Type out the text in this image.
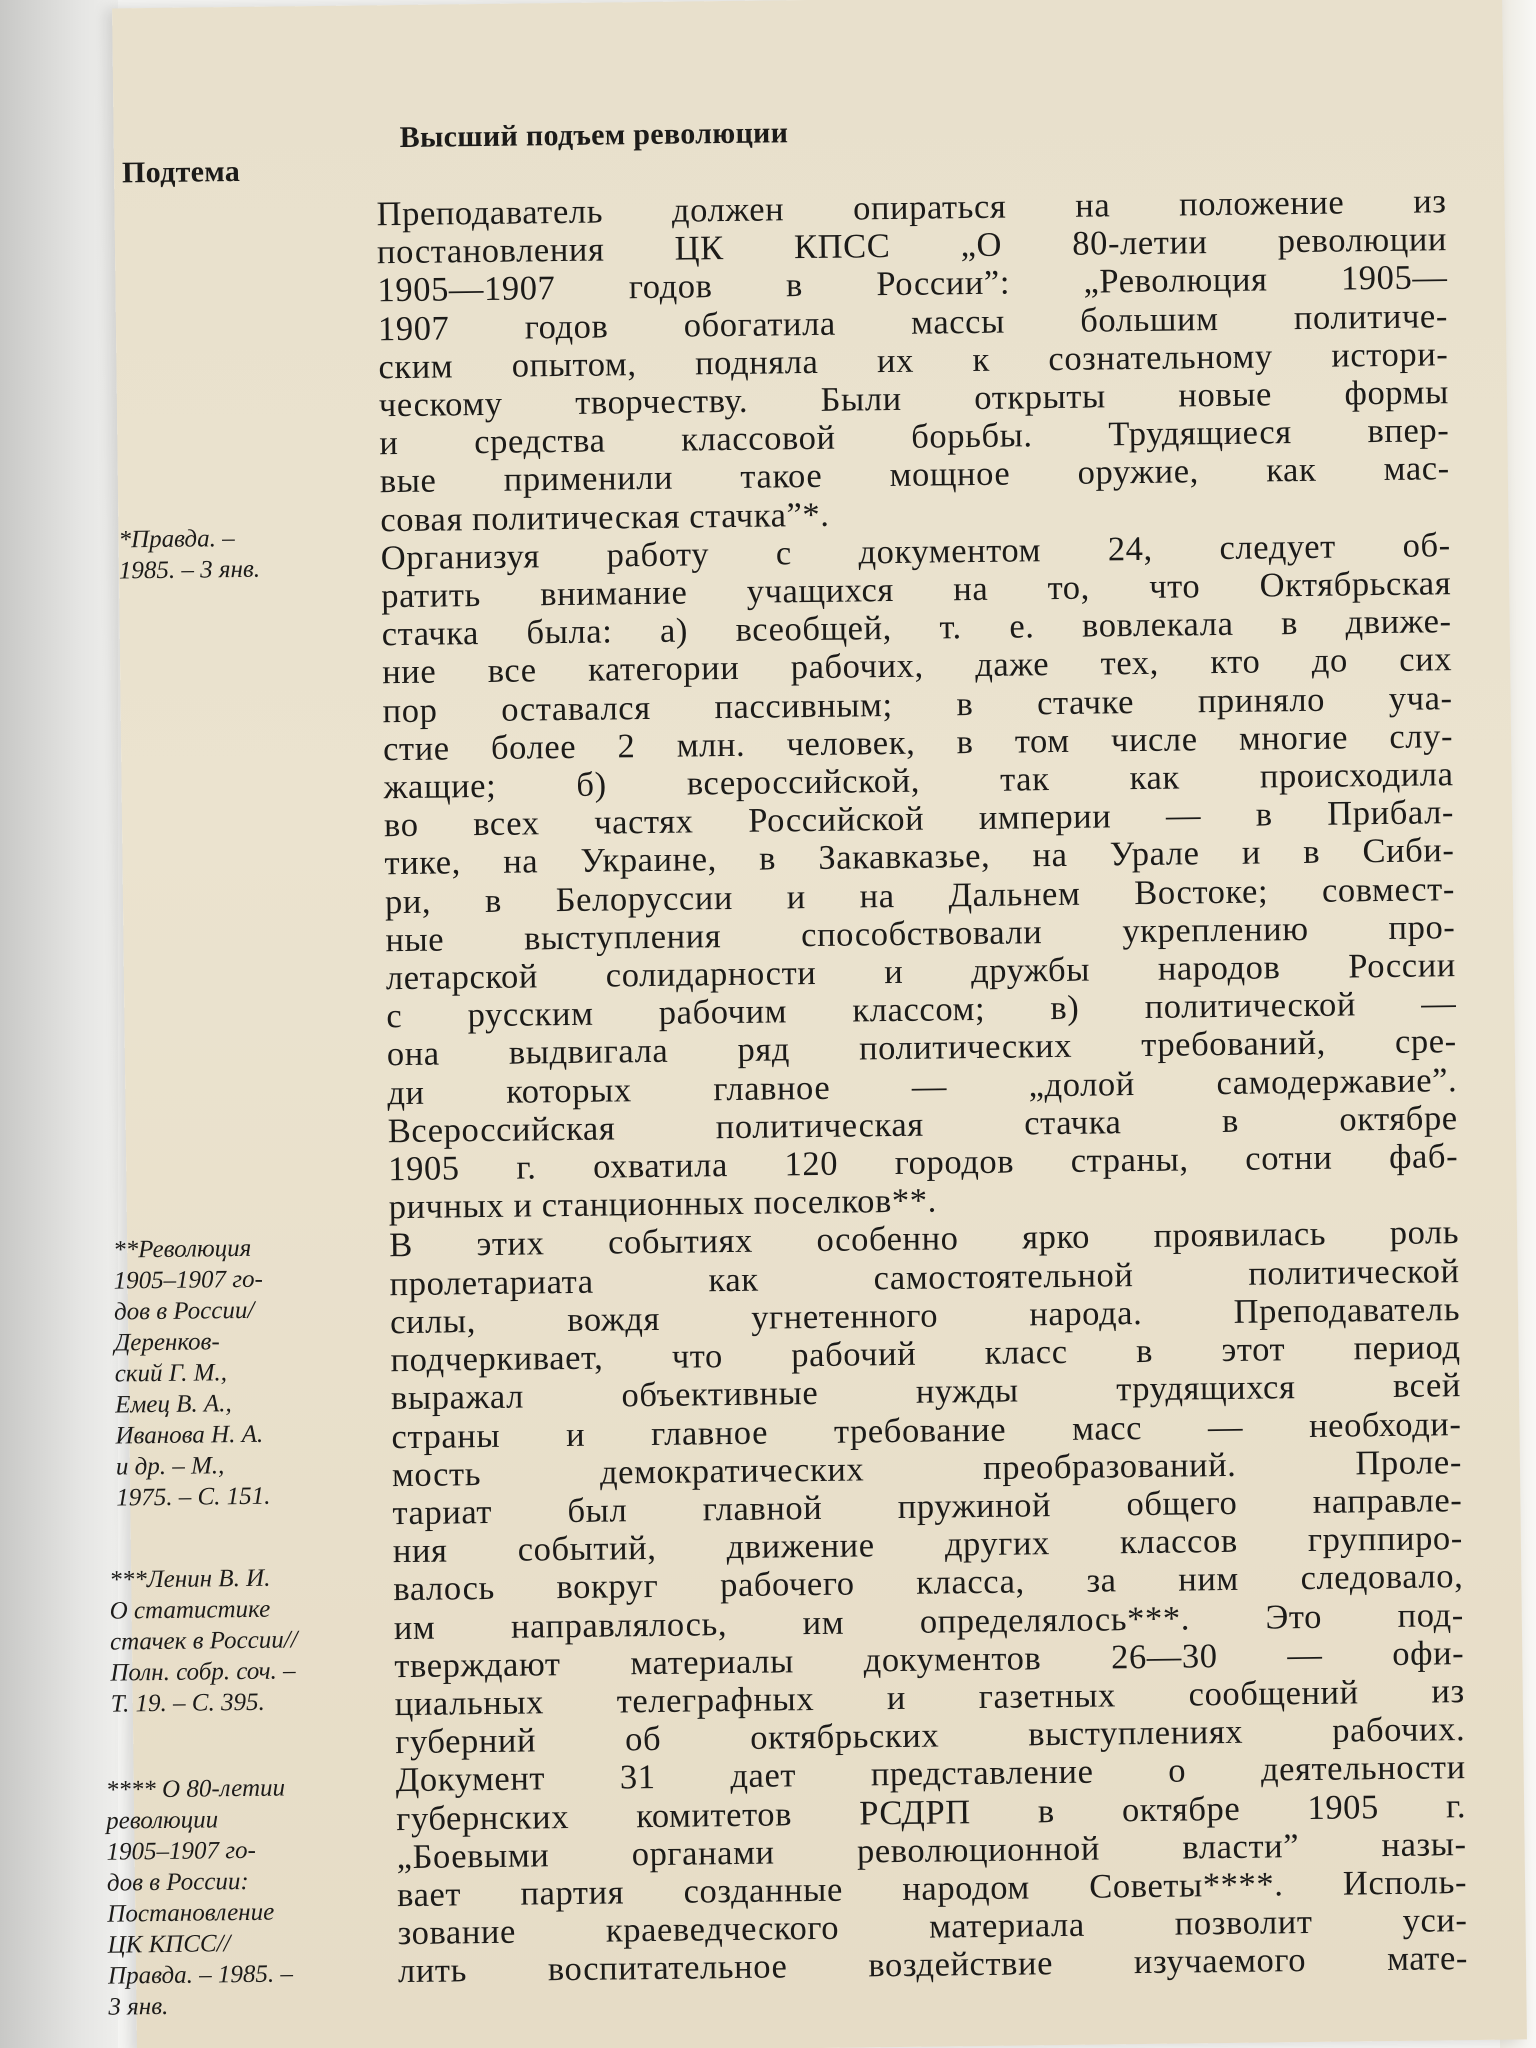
Подтема
Высший подъем революции
Преподаватель должен опираться на положение из
постановления ЦК КПСС „О 80-летии революции
1905—1907 годов в России”: „Революция 1905—
1907 годов обогатила массы большим политиче-
ским опытом, подняла их к сознательному истори-
ческому творчеству. Были открыты новые формы
и средства классовой борьбы. Трудящиеся впер-
вые применили такое мощное оружие, как мас-
совая политическая стачка”*.
Организуя работу с документом 24, следует об-
ратить внимание учащихся на то, что Октябрьская
стачка была: а) всеобщей, т. е. вовлекала в движе-
ние все категории рабочих, даже тех, кто до сих
пор оставался пассивным; в стачке приняло уча-
стие более 2 млн. человек, в том числе многие слу-
жащие; б) всероссийской, так как происходила
во всех частях Российской империи — в Прибал-
тике, на Украине, в Закавказье, на Урале и в Сиби-
ри, в Белоруссии и на Дальнем Востоке; совмест-
ные выступления способствовали укреплению про-
летарской солидарности и дружбы народов России
с русским рабочим классом; в) политической —
она выдвигала ряд политических требований, сре-
ди которых главное — „долой самодержавие”.
Всероссийская политическая стачка в октябре
1905 г. охватила 120 городов страны, сотни фаб-
ричных и станционных поселков**.
В этих событиях особенно ярко проявилась роль
пролетариата как самостоятельной политической
силы, вождя угнетенного народа. Преподаватель
подчеркивает, что рабочий класс в этот период
выражал объективные нужды трудящихся всей
страны и главное требование масс — необходи-
мость демократических преобразований. Проле-
тариат был главной пружиной общего направле-
ния событий, движение других классов группиро-
валось вокруг рабочего класса, за ним следовало,
им направлялось, им определялось***. Это под-
тверждают материалы документов 26—30 — офи-
циальных телеграфных и газетных сообщений из
губерний об октябрьских выступлениях рабочих.
Документ 31 дает представление о деятельности
губернских комитетов РСДРП в октябре 1905 г.
„Боевыми органами революционной власти” назы-
вает партия созданные народом Советы****. Исполь-
зование краеведческого материала позволит уси-
лить воспитательное воздействие изучаемого мате-
*Правда. –
1985. – 3 янв.
**Революция
1905–1907 го-
дов в России/
Деренков-
ский Г. М.,
Емец В. А.,
Иванова Н. А.
и др. – М.,
1975. – С. 151.
***Ленин В. И.
О статистике
стачек в России//
Полн. собр. соч. –
Т. 19. – С. 395.
**** О 80-летии
революции
1905–1907 го-
дов в России:
Постановление
ЦК КПСС//
Правда. – 1985. –
3 янв.
